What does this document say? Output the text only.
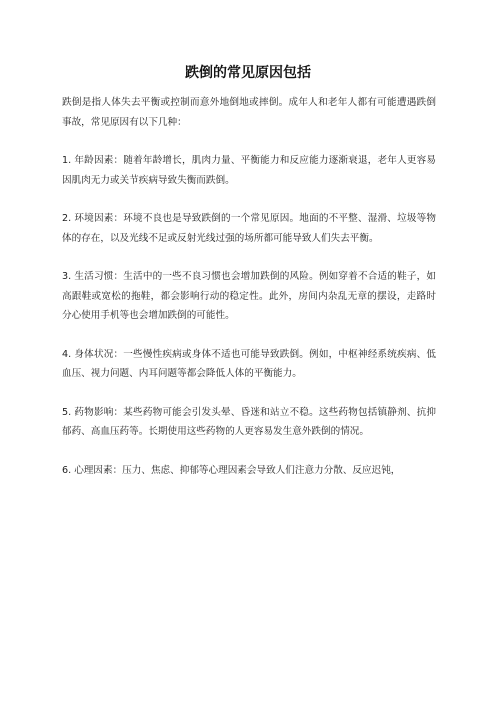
跌倒的常见原因包括

跌倒是指人体失去平衡或控制而意外地倒地或摔倒。成年人和老年人都有可能遭遇跌倒事故，常见原因有以下几种：

1. 年龄因素：随着年龄增长，肌肉力量、平衡能力和反应能力逐渐衰退，老年人更容易因肌肉无力或关节疾病导致失衡而跌倒。

2. 环境因素：环境不良也是导致跌倒的一个常见原因。地面的不平整、湿滑、垃圾等物体的存在，以及光线不足或反射光线过强的场所都可能导致人们失去平衡。

3. 生活习惯：生活中的一些不良习惯也会增加跌倒的风险。例如穿着不合适的鞋子，如高跟鞋或宽松的拖鞋，都会影响行动的稳定性。此外，房间内杂乱无章的摆设，走路时分心使用手机等也会增加跌倒的可能性。

4. 身体状况：一些慢性疾病或身体不适也可能导致跌倒。例如，中枢神经系统疾病、低血压、视力问题、内耳问题等都会降低人体的平衡能力。

5. 药物影响：某些药物可能会引发头晕、昏迷和站立不稳。这些药物包括镇静剂、抗抑郁药、高血压药等。长期使用这些药物的人更容易发生意外跌倒的情况。

6. 心理因素：压力、焦虑、抑郁等心理因素会导致人们注意力分散、反应迟钝，
